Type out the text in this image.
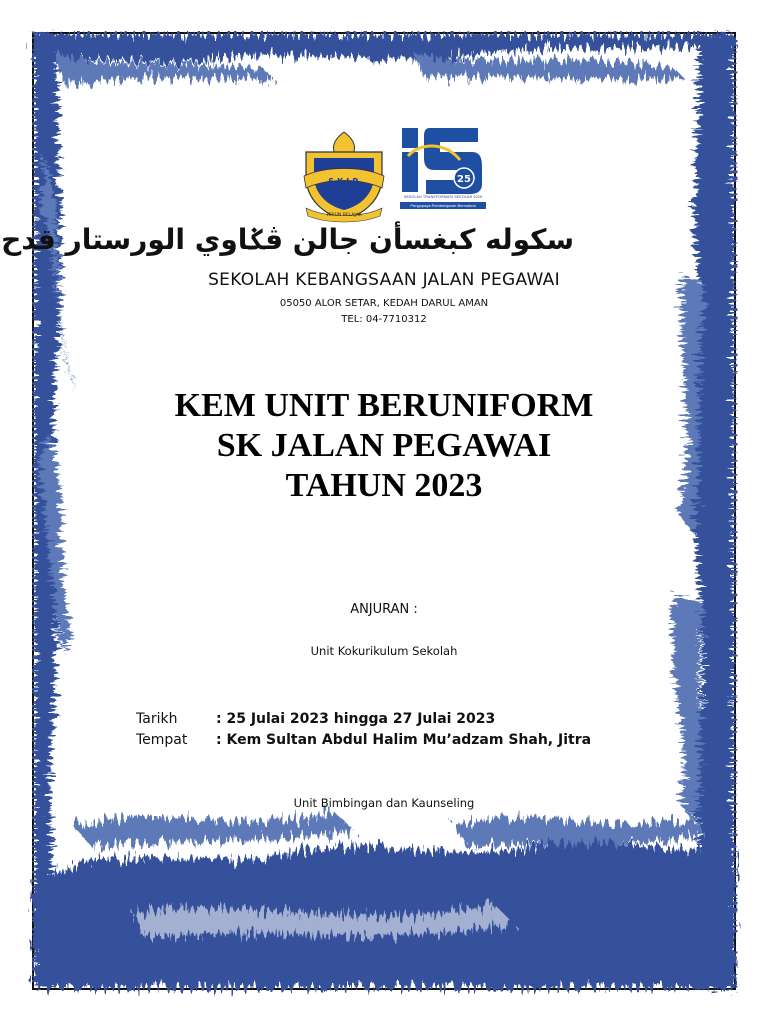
S.K.J.P.
TEKUN BELAJAR
25
SEKOLAH TRANSFORMASI SEKOLAH 2025
Pengupaya Pembelajaran Bermakna
سكوله كبغسأن جالن ڤݢاوي الورستار قدح
SEKOLAH KEBANGSAAN JALAN PEGAWAI
05050 ALOR SETAR, KEDAH DARUL AMAN
TEL: 04-7710312
KEM UNIT BERUNIFORM
SK JALAN PEGAWAI
TAHUN 2023
ANJURAN :
Unit Kokurikulum Sekolah
Tarikh	: 25 Julai 2023 hingga 27 Julai 2023
Tempat : Kem Sultan Abdul Halim Mu’adzam Shah, Jitra
Unit Bimbingan dan Kaunseling
